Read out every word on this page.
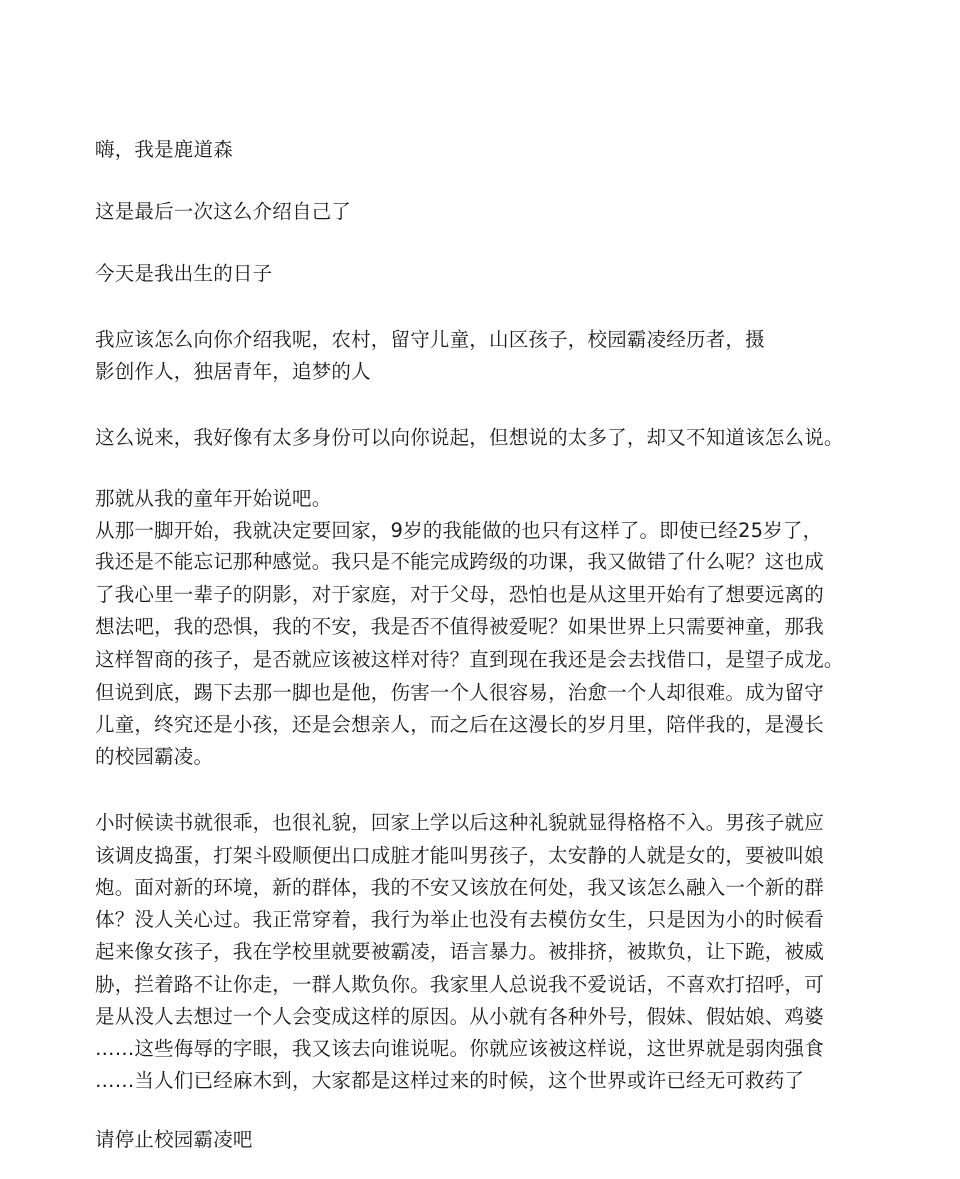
嗨，我是鹿道森
这是最后一次这么介绍自己了
今天是我出生的日子
我应该怎么向你介绍我呢，农村，留守儿童，山区孩子，校园霸凌经历者，摄
影创作人，独居青年，追梦的人
这么说来，我好像有太多身份可以向你说起，但想说的太多了，却又不知道该怎么说。
那就从我的童年开始说吧。
从那一脚开始，我就决定要回家，9岁的我能做的也只有这样了。即使已经25岁了，
我还是不能忘记那种感觉。我只是不能完成跨级的功课，我又做错了什么呢？这也成
了我心里一辈子的阴影，对于家庭，对于父母，恐怕也是从这里开始有了想要远离的
想法吧，我的恐惧，我的不安，我是否不值得被爱呢？如果世界上只需要神童，那我
这样智商的孩子，是否就应该被这样对待？直到现在我还是会去找借口，是望子成龙。
但说到底，踢下去那一脚也是他，伤害一个人很容易，治愈一个人却很难。成为留守
儿童，终究还是小孩，还是会想亲人，而之后在这漫长的岁月里，陪伴我的，是漫长
的校园霸凌。
小时候读书就很乖，也很礼貌，回家上学以后这种礼貌就显得格格不入。男孩子就应
该调皮捣蛋，打架斗殴顺便出口成脏才能叫男孩子，太安静的人就是女的，要被叫娘
炮。面对新的环境，新的群体，我的不安又该放在何处，我又该怎么融入一个新的群
体？没人关心过。我正常穿着，我行为举止也没有去模仿女生，只是因为小的时候看
起来像女孩子，我在学校里就要被霸凌，语言暴力。被排挤，被欺负，让下跪，被威
胁，拦着路不让你走，一群人欺负你。我家里人总说我不爱说话，不喜欢打招呼，可
是从没人去想过一个人会变成这样的原因。从小就有各种外号，假妹、假姑娘、鸡婆
……这些侮辱的字眼，我又该去向谁说呢。你就应该被这样说，这世界就是弱肉强食
……当人们已经麻木到，大家都是这样过来的时候，这个世界或许已经无可救药了
请停止校园霸凌吧
